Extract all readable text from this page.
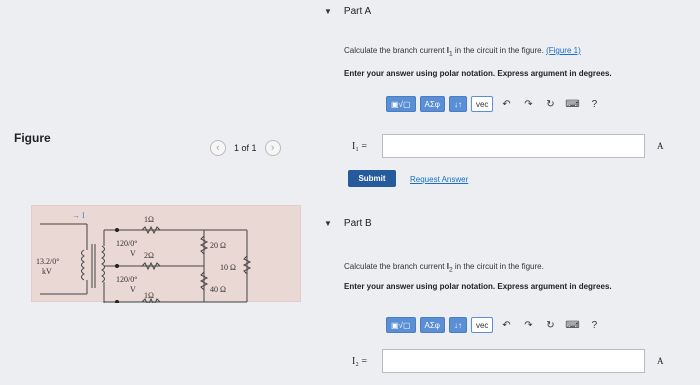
Figure
‹	1 of 1	›
→ I	1Ω
120/0°
V 2Ω
120/0°
V
1Ω
13.2/0°
kV
20 Ω
10 Ω
40 Ω
▼ Part A
Calculate the branch current $I_1$ in the circuit in the figure. (Figure 1)
Enter your answer using polar notation. Express argument in degrees.
▣√▢	ΑΣφ	↓↑	vec	↶	↷	↻	⌨	?
I₁ =	A
Submit	Request Answer
▼ Part B
Calculate the branch current $I_2$ in the circuit in the figure.
Enter your answer using polar notation. Express argument in degrees.
▣√▢	ΑΣφ	↓↑	vec	↶	↷	↻	⌨	?
I₂ =	A
